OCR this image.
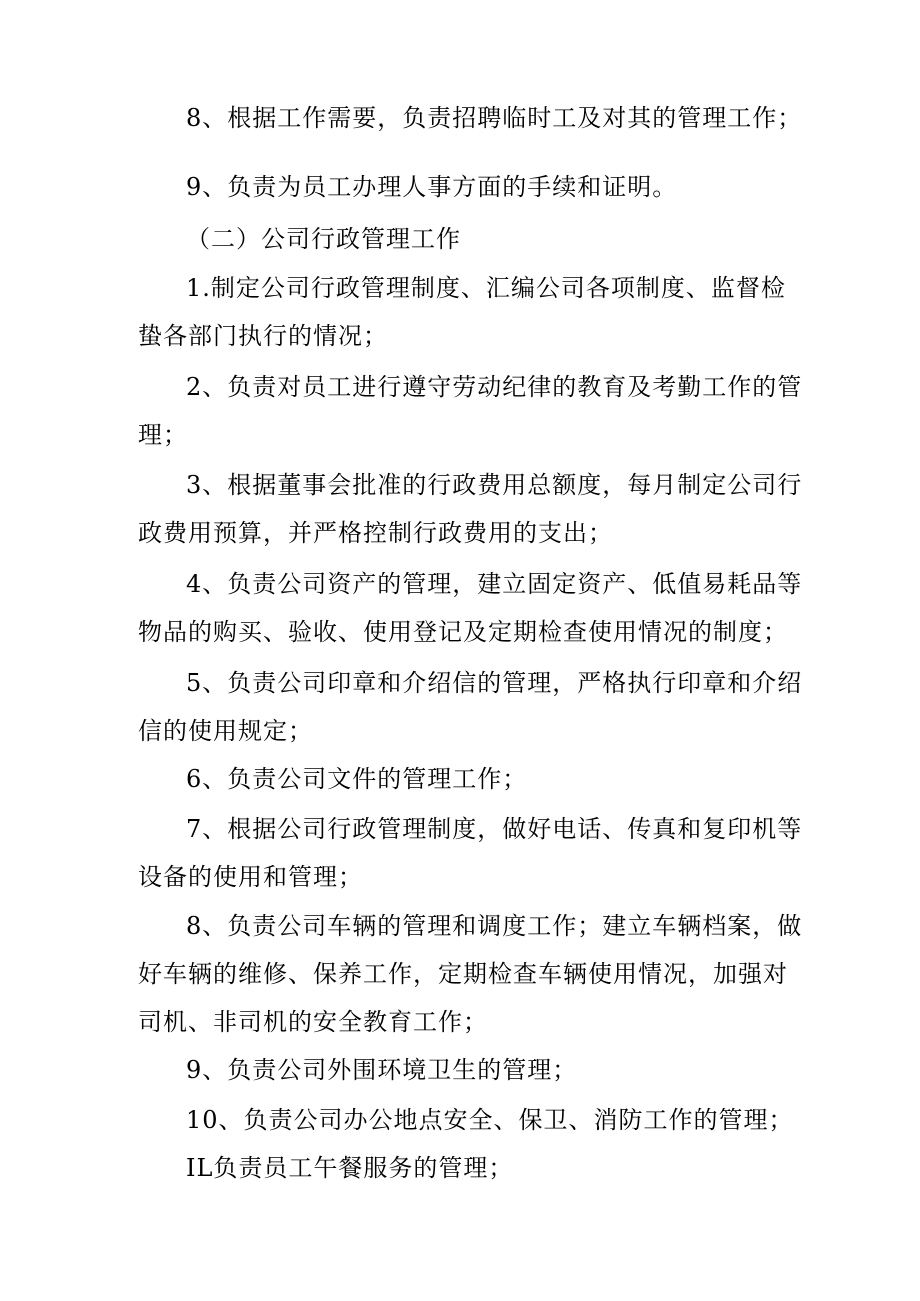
8、根据工作需要，负责招聘临时工及对其的管理工作；
9、负责为员工办理人事方面的手续和证明。
（二）公司行政管理工作
1.制定公司行政管理制度、汇编公司各项制度、监督检
蛰各部门执行的情况；
2、负责对员工进行遵守劳动纪律的教育及考勤工作的管
理；
3、根据董事会批准的行政费用总额度，每月制定公司行
政费用预算，并严格控制行政费用的支出；
4、负责公司资产的管理，建立固定资产、低值易耗品等
物品的购买、验收、使用登记及定期检查使用情况的制度；
5、负责公司印章和介绍信的管理，严格执行印章和介绍
信的使用规定；
6、负责公司文件的管理工作；
7、根据公司行政管理制度，做好电话、传真和复印机等
设备的使用和管理；
8、负责公司车辆的管理和调度工作；建立车辆档案，做
好车辆的维修、保养工作，定期检查车辆使用情况，加强对
司机、非司机的安全教育工作；
9、负责公司外围环境卫生的管理；
10、负责公司办公地点安全、保卫、消防工作的管理；
IL负责员工午餐服务的管理；
